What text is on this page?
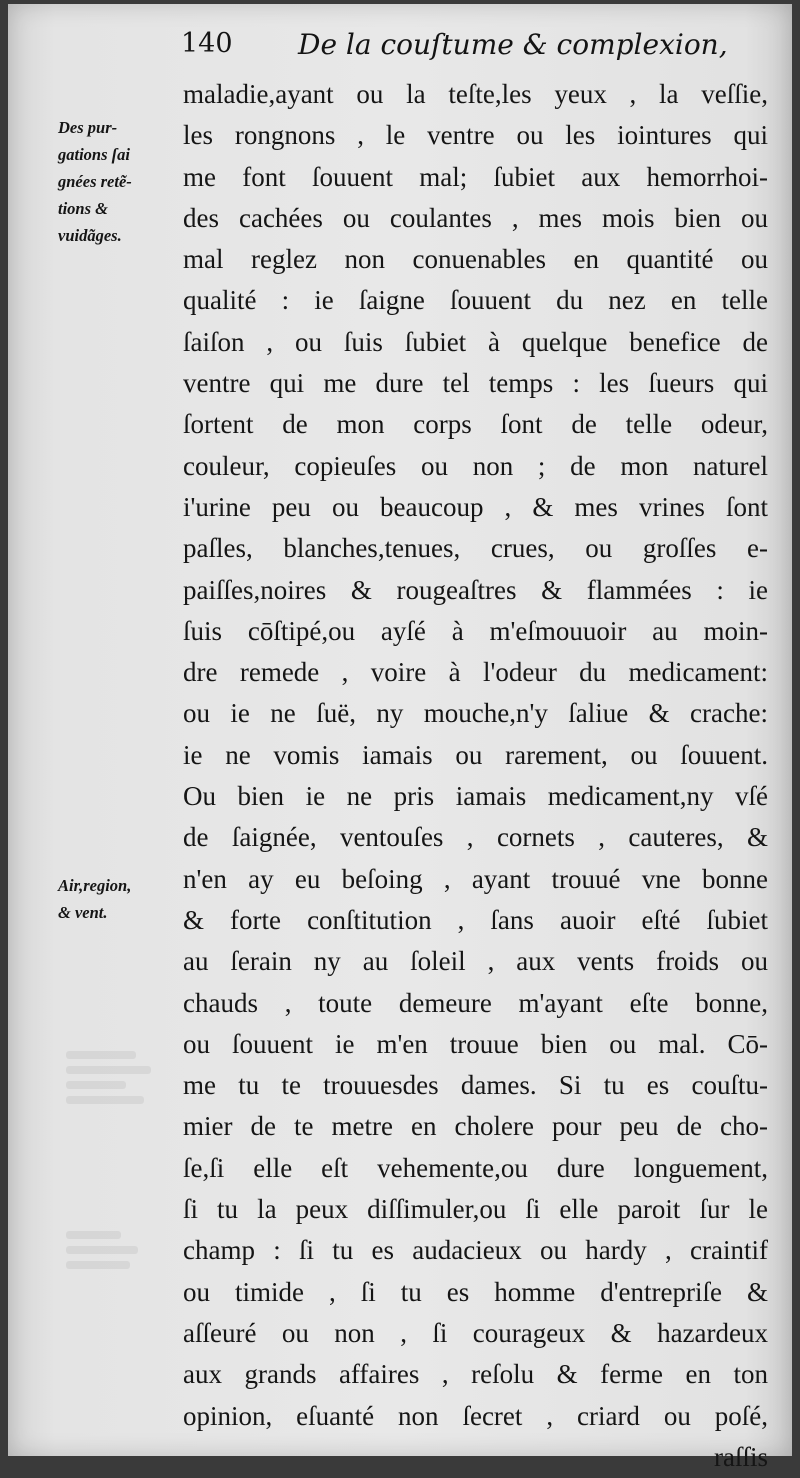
140 De la couſtume & complexion,
Des pur-
gations ſai
gnées retẽ-
tions &
vuidãges.
Air,region,
& vent.
maladie,ayant ou la teſte,les yeux , la veſſie,
les rongnons , le ventre ou les iointures qui
me font ſouuent mal; ſubiet aux hemorrhoi-
des cachées ou coulantes , mes mois bien ou
mal reglez non conuenables en quantité ou
qualité : ie ſaigne ſouuent du nez en telle
ſaiſon , ou ſuis ſubiet à quelque benefice de
ventre qui me dure tel temps : les ſueurs qui
ſortent de mon corps ſont de telle odeur,
couleur, copieuſes ou non ; de mon naturel
i'urine peu ou beaucoup , & mes vrines ſont
paſles, blanches,tenues, crues, ou groſſes e-
paiſſes,noires & rougeaſtres & flammées : ie
ſuis cōſtipé,ou ayſé à m'eſmouuoir au moin-
dre remede , voire à l'odeur du medicament:
ou ie ne ſuë, ny mouche,n'y ſaliue & crache:
ie ne vomis iamais ou rarement, ou ſouuent.
Ou bien ie ne pris iamais medicament,ny vſé
de ſaignée, ventouſes , cornets , cauteres, &
n'en ay eu beſoing , ayant trouué vne bonne
& forte conſtitution , ſans auoir eſté ſubiet
au ſerain ny au ſoleil , aux vents froids ou
chauds , toute demeure m'ayant eſte bonne,
ou ſouuent ie m'en trouue bien ou mal. Cō-
me tu te trouuesdes dames. Si tu es couſtu-
mier de te metre en cholere pour peu de cho-
ſe,ſi elle eſt vehemente,ou dure longuement,
ſi tu la peux diſſimuler,ou ſi elle paroit ſur le
champ : ſi tu es audacieux ou hardy , craintif
ou timide , ſi tu es homme d'entrepriſe &
aſſeuré ou non , ſi courageux & hazardeux
aux grands affaires , reſolu & ferme en ton
opinion, eſuanté non ſecret , criard ou poſé,
raſſis
